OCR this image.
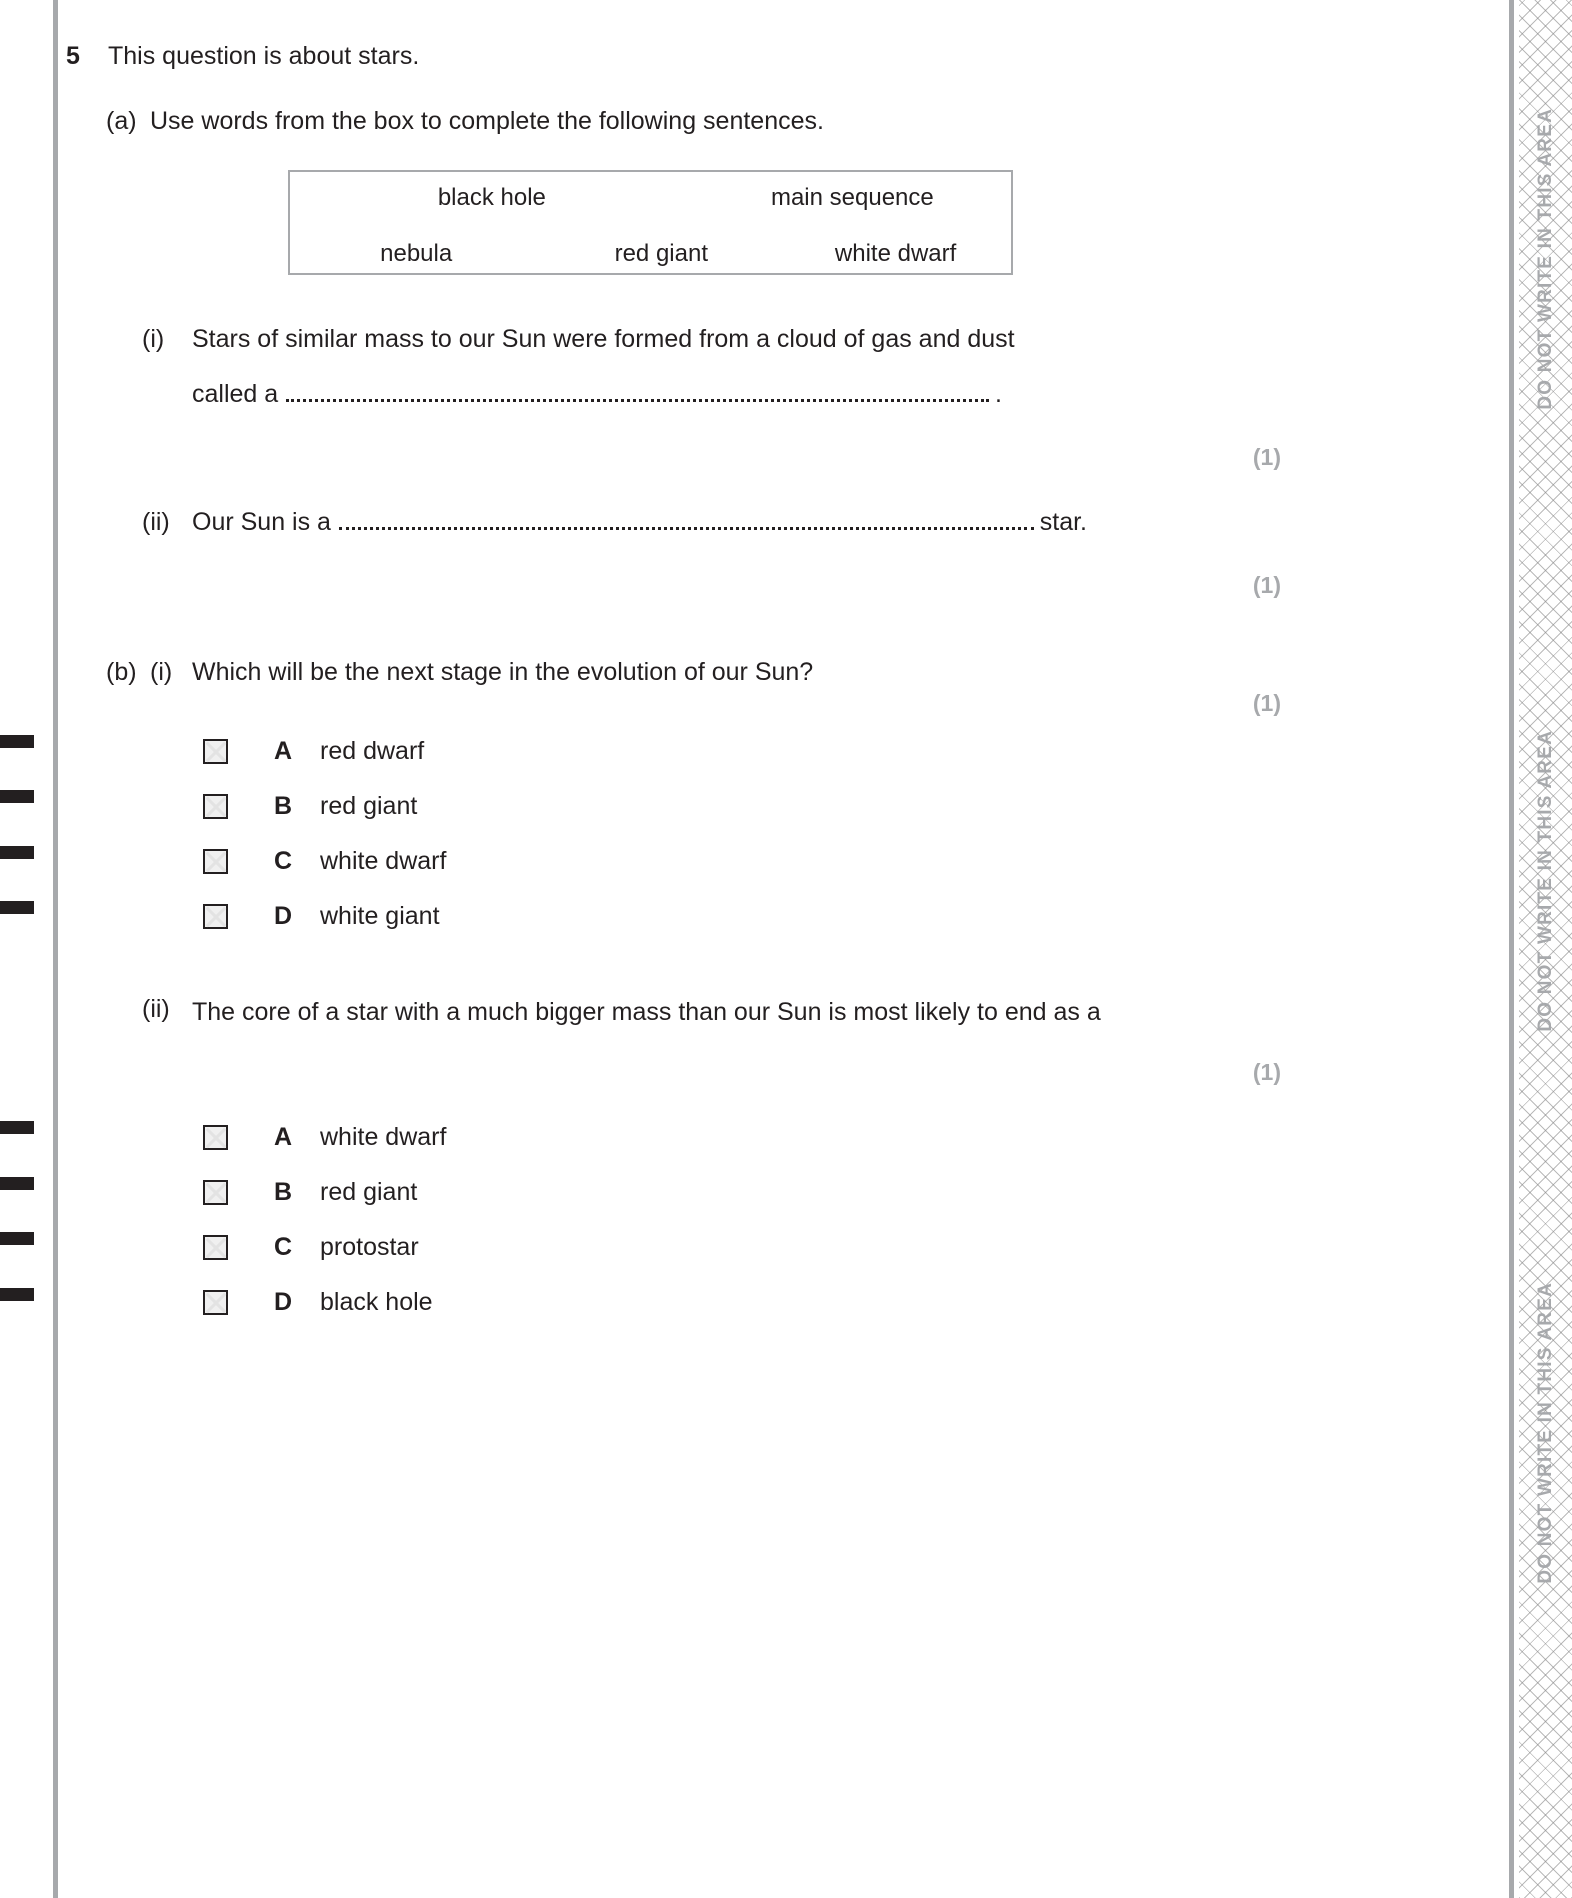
DO NOT WRITE IN THIS AREA
DO NOT WRITE IN THIS AREA
DO NOT WRITE IN THIS AREA
5 This question is about stars.
(a) Use words from the box to complete the following sentences.
black hole	main sequence
nebula	red giant	white dwarf
(i) Stars of similar mass to our Sun were formed from a cloud of gas and dust
called a	.
(1)
(ii) Our Sun is a	star.
(1)
(b) (i) Which will be the next stage in the evolution of our Sun?
(1)
A	red dwarf
B	red giant
C	white dwarf
D	white giant
(ii) The core of a star with a much bigger mass than our Sun is most likely to end as a
(1)
A	white dwarf
B	red giant
C	protostar
D	black hole
